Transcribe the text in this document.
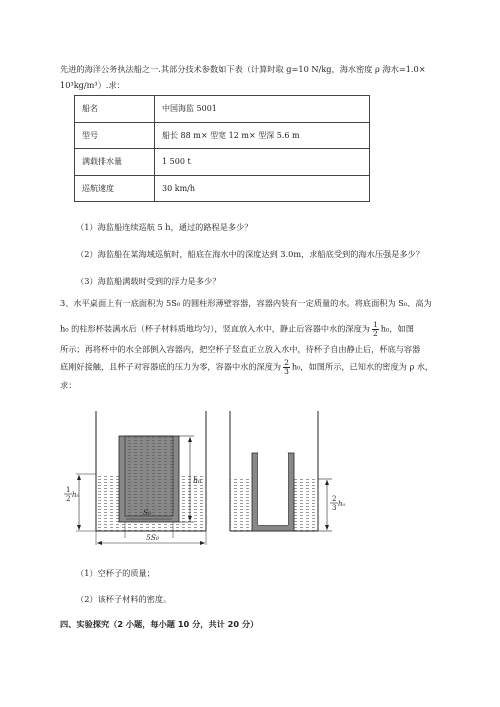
先进的海洋公务执法船之一.其部分技术参数如下表（计算时取 g=10 N/kg，海水密度 ρ 海水=1.0×
10³kg/m³）.求：
船名	中国海监 5001
型号	船长 88 m× 型宽 12 m× 型深 5.6 m
满载排水量	1 500 t
巡航速度	30 km/h
（1）海监船连续巡航 5 h，通过的路程是多少？
（2）海监船在某海域巡航时，船底在海水中的深度达到 3.0m，求船底受到的海水压强是多少？
（3）海监船满载时受到的浮力是多少？
3、水平桌面上有一底面积为 5S₀ 的圆柱形薄壁容器，容器内装有一定质量的水。将底面积为 S₀、高为
h₀ 的柱形杯装满水后（杯子材料质地均匀），竖直放入水中，静止后容器中水的深度为 $\frac{1}{2} h_0$，如图
所示；再将杯中的水全部倒入容器内，把空杯子竖直正立放入水中，待杯子自由静止后，杯底与容器
底刚好接触，且杯子对容器底的压力为零，容器中水的深度为 $\frac{2}{3} h_0$，如图所示，已知水的密度为 ρ 水，
求：
h₀
1
2 h₀
S₀
5S₀
2
3 h₀
（1）空杯子的质量；
（2）该杯子材料的密度。
四、实验探究（2 小题，每小题 10 分，共计 20 分）
